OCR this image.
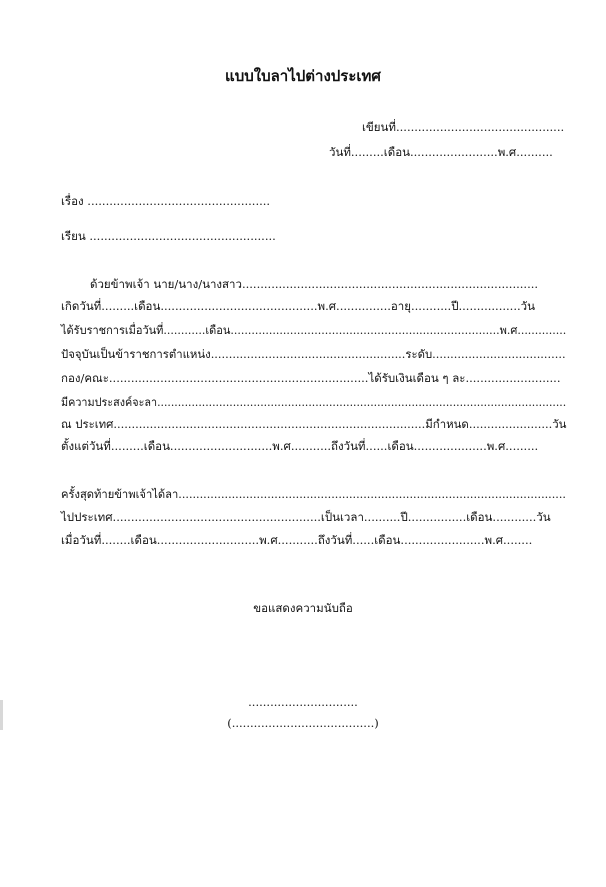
แบบใบลาไปต่างประเทศ
เขียนที่..............................................
วันที่.........เดือน........................พ.ศ..........
เรื่อง ..................................................
เรียน ...................................................
ด้วยข้าพเจ้า นาย/นาง/นางสาว.................................................................................
เกิดวันที่.........เดือน...........................................พ.ศ...............อายุ...........ปี.................วัน
ได้รับราชการเมื่อวันที่............เดือน.............................................................................พ.ศ..............
ปัจจุบันเป็นข้าราชการตำแหน่ง......................................................ระดับ.....................................
กอง/คณะ.......................................................................ได้รับเงินเดือน ๆ ละ..........................
มีความประสงค์จะลา.......................................................................................................................
ณ ประเทศ......................................................................................มีกำหนด.......................วัน
ตั้งแต่วันที่.........เดือน............................พ.ศ...........ถึงวันที่......เดือน....................พ.ศ.........
ครั้งสุดท้ายข้าพเจ้าได้ลา.............................................................................................................
ไปประเทศ.........................................................เป็นเวลา..........ปี................เดือน............วัน
เมื่อวันที่........เดือน............................พ.ศ...........ถึงวันที่......เดือน.......................พ.ศ........
ขอแสดงความนับถือ
..............................
(.......................................)
